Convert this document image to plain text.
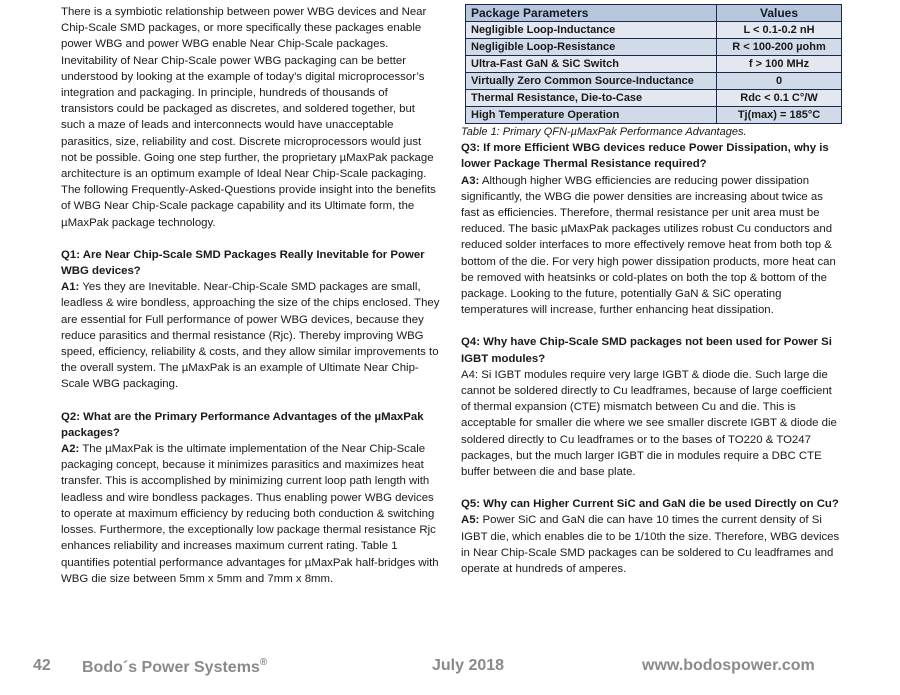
There is a symbiotic relationship between power WBG devices and Near Chip-Scale SMD packages, or more specifically these packages enable power WBG and power WBG enable Near Chip-Scale packages. Inevitability of Near Chip-Scale power WBG packaging can be better understood by looking at the example of today’s digital microprocessor’s integration and packaging. In principle, hundreds of thousands of transistors could be packaged as discretes, and soldered together, but such a maze of leads and interconnects would have unacceptable parasitics, size, reliability and cost. Discrete microprocessors would just not be possible. Going one step further, the proprietary µMaxPak package architecture is an optimum example of Ideal Near Chip-Scale packaging. The following Frequently-Asked-Questions provide insight into the benefits of WBG Near Chip-Scale package capability and its Ultimate form, the µMaxPak package technology.

Q1: Are Near Chip-Scale SMD Packages Really Inevitable for Power WBG devices?

A1: Yes they are Inevitable. Near-Chip-Scale SMD packages are small, leadless & wire bondless, approaching the size of the chips enclosed. They are essential for Full performance of power WBG devices, because they reduce parasitics and thermal resistance (Rjc). Thereby improving WBG speed, efficiency, reliability & costs, and they allow similar improvements to the overall system. The µMaxPak is an example of Ultimate Near Chip-Scale WBG packaging.

Q2: What are the Primary Performance Advantages of the µMaxPak packages?

A2: The µMaxPak is the ultimate implementation of the Near Chip-Scale packaging concept, because it minimizes parasitics and maximizes heat transfer. This is accomplished by minimizing current loop path length with leadless and wire bondless packages. Thus enabling power WBG devices to operate at maximum efficiency by reducing both conduction & switching losses. Furthermore, the exceptionally low package thermal resistance Rjc enhances reliability and increases maximum current rating. Table 1 quantifies potential performance advantages for µMaxPak half-bridges with WBG die size between 5mm x 5mm and 7mm x 8mm.

Package Parameters	Values
Negligible Loop-Inductance	L < 0.1-0.2 nH
Negligible Loop-Resistance	R < 100-200 µohm
Ultra-Fast GaN & SiC Switch	f > 100 MHz
Virtually Zero Common Source-Inductance	0
Thermal Resistance, Die-to-Case	Rdc < 0.1 C°/W
High Temperature Operation	Tj(max) = 185°C

Table 1: Primary QFN-µMaxPak Performance Advantages.

Q3: If more Efficient WBG devices reduce Power Dissipation, why is lower Package Thermal Resistance required?

A3: Although higher WBG efficiencies are reducing power dissipation significantly, the WBG die power densities are increasing about twice as fast as efficiencies. Therefore, thermal resistance per unit area must be reduced. The basic µMaxPak packages utilizes robust Cu conductors and reduced solder interfaces to more effectively remove heat from both top & bottom of the die. For very high power dissipation products, more heat can be removed with heatsinks or cold-plates on both the top & bottom of the package. Looking to the future, potentially GaN & SiC operating temperatures will increase, further enhancing heat dissipation.

Q4: Why have Chip-Scale SMD packages not been used for Power Si IGBT modules?

A4: Si IGBT modules require very large IGBT & diode die. Such large die cannot be soldered directly to Cu leadframes, because of large coefficient of thermal expansion (CTE) mismatch between Cu and die. This is acceptable for smaller die where we see smaller discrete IGBT & diode die soldered directly to Cu leadframes or to the bases of TO220 & TO247 packages, but the much larger IGBT die in modules require a DBC CTE buffer between die and base plate.

Q5: Why can Higher Current SiC and GaN die be used Directly on Cu?

A5: Power SiC and GaN die can have 10 times the current density of Si IGBT die, which enables die to be 1/10th the size. Therefore, WBG devices in Near Chip-Scale SMD packages can be soldered to Cu leadframes and operate at hundreds of amperes.

42 Bodo´s Power Systems®	July 2018	www.bodospower.com
